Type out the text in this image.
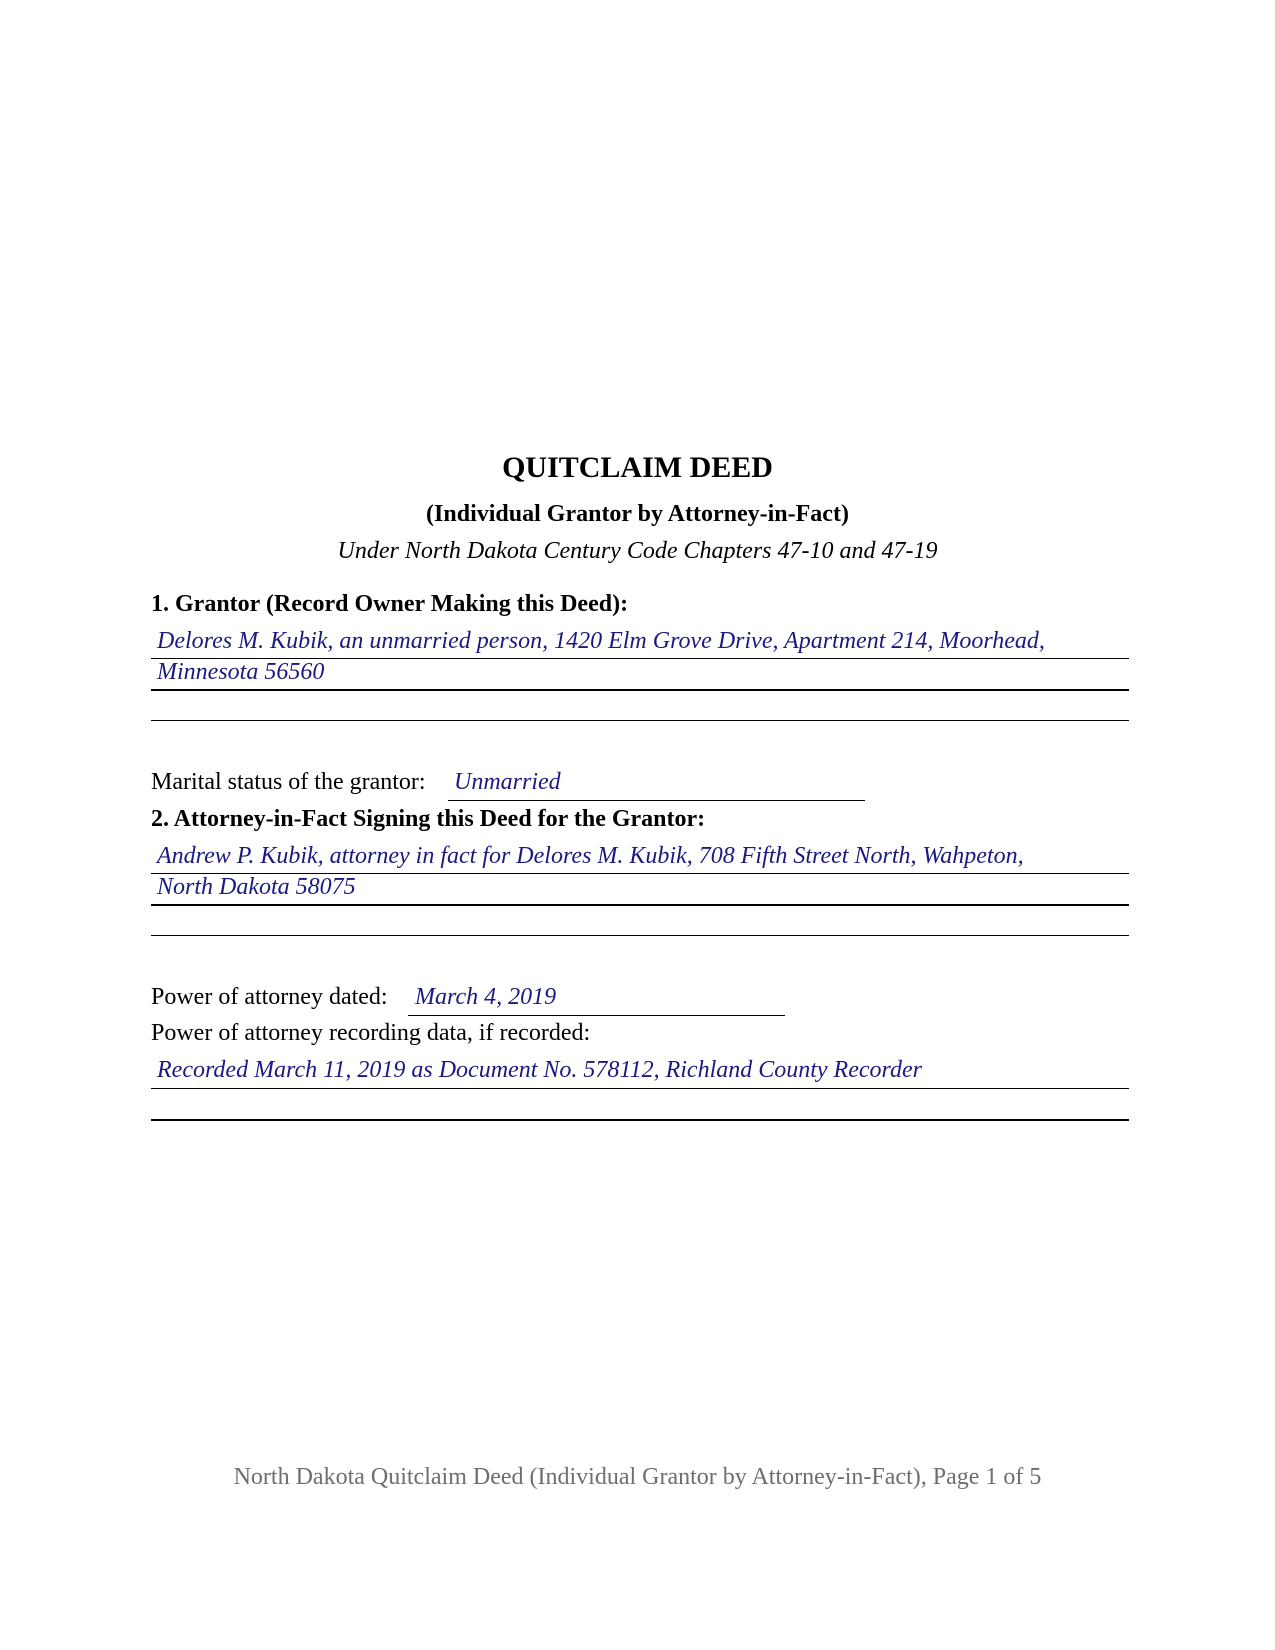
QUITCLAIM DEED
(Individual Grantor by Attorney-in-Fact)
Under North Dakota Century Code Chapters 47-10 and 47-19
1. Grantor (Record Owner Making this Deed):
Delores M. Kubik, an unmarried person, 1420 Elm Grove Drive, Apartment 214, Moorhead,
Minnesota 56560
Marital status of the grantor: Unmarried
2. Attorney-in-Fact Signing this Deed for the Grantor:
Andrew P. Kubik, attorney in fact for Delores M. Kubik, 708 Fifth Street North, Wahpeton,
North Dakota 58075
Power of attorney dated: March 4, 2019
Power of attorney recording data, if recorded:
Recorded March 11, 2019 as Document No. 578112, Richland County Recorder
North Dakota Quitclaim Deed (Individual Grantor by Attorney-in-Fact), Page 1 of 5
